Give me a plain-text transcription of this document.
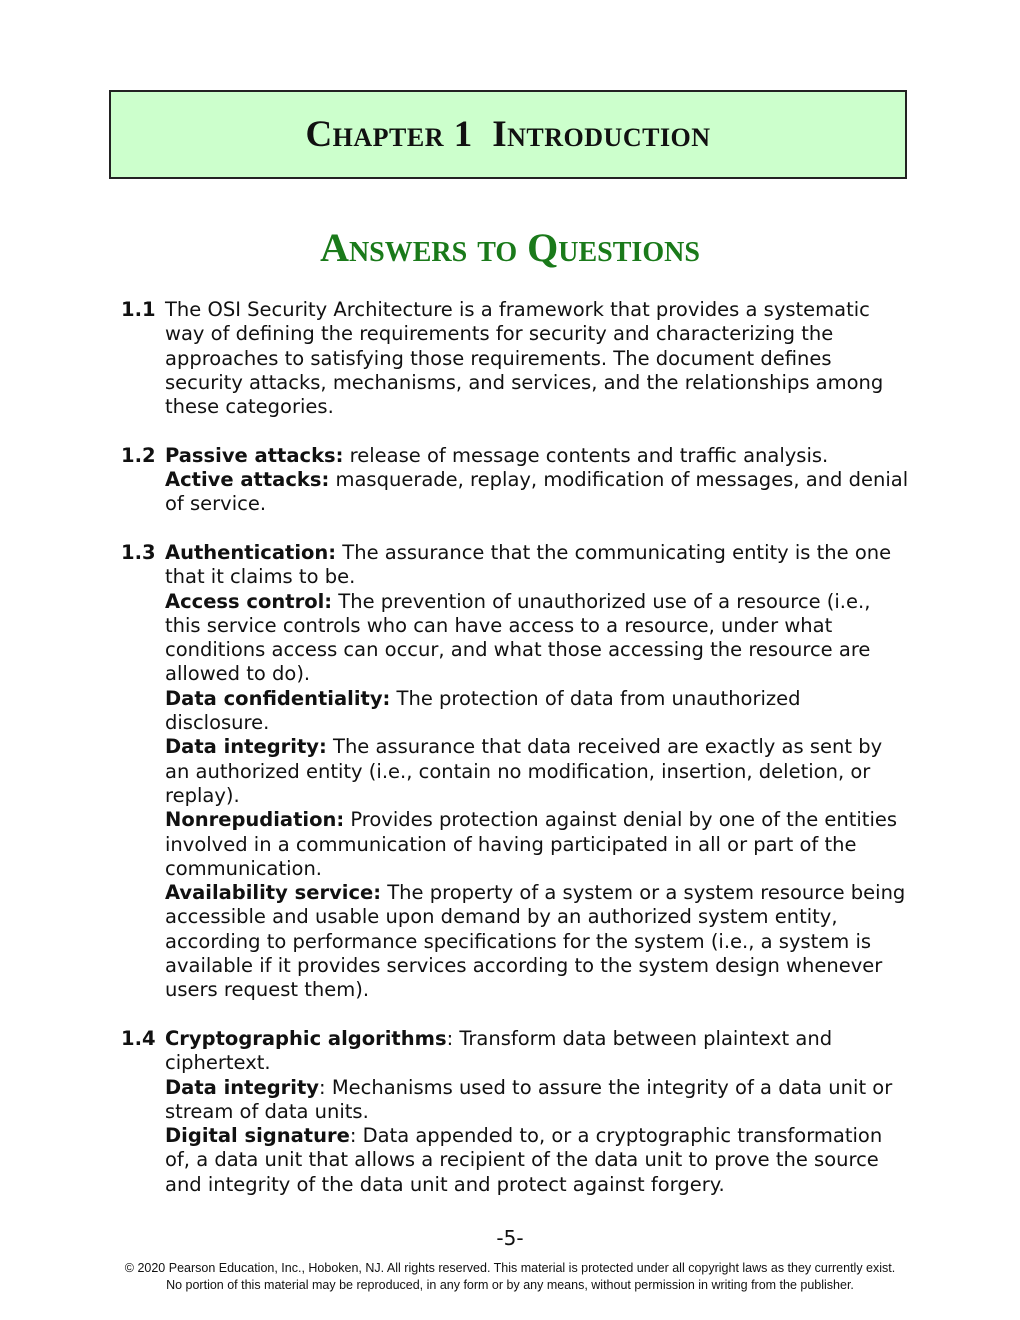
Chapter 1  Introduction
Answers to Questions
1.1 The OSI Security Architecture is a framework that provides a systematic way of defining the requirements for security and characterizing the approaches to satisfying those requirements. The document defines security attacks, mechanisms, and services, and the relationships among these categories.

1.2 Passive attacks: release of message contents and traffic analysis.

Active attacks: masquerade, replay, modification of messages, and denial of service.

1.3 Authentication: The assurance that the communicating entity is the one that it claims to be.

Access control: The prevention of unauthorized use of a resource (i.e., this service controls who can have access to a resource, under what conditions access can occur, and what those accessing the resource are allowed to do).

Data confidentiality: The protection of data from unauthorized disclosure.

Data integrity: The assurance that data received are exactly as sent by an authorized entity (i.e., contain no modification, insertion, deletion, or replay).

Nonrepudiation: Provides protection against denial by one of the entities involved in a communication of having participated in all or part of the communication.

Availability service: The property of a system or a system resource being accessible and usable upon demand by an authorized system entity, according to performance specifications for the system (i.e., a system is available if it provides services according to the system design whenever users request them).

1.4 Cryptographic algorithms: Transform data between plaintext and ciphertext.

Data integrity: Mechanisms used to assure the integrity of a data unit or stream of data units.

Digital signature: Data appended to, or a cryptographic transformation of, a data unit that allows a recipient of the data unit to prove the source and integrity of the data unit and protect against forgery.

-5-
© 2020 Pearson Education, Inc., Hoboken, NJ. All rights reserved. This material is protected under all copyright laws as they currently exist.
No portion of this material may be reproduced, in any form or by any means, without permission in writing from the publisher.
